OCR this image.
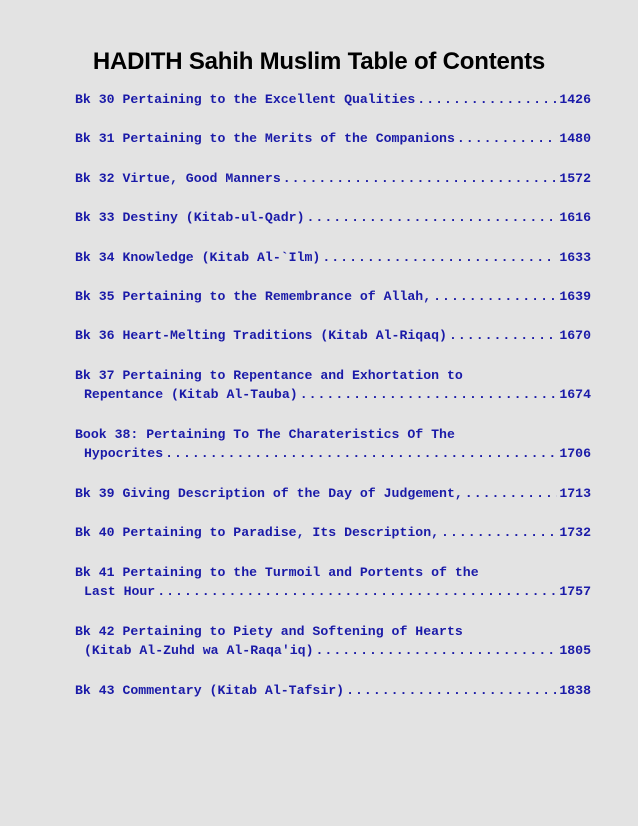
HADITH Sahih Muslim Table of Contents
Bk 30 Pertaining to the Excellent Qualities .....	1426
Bk 31 Pertaining to the Merits of the Companions .....	1480
Bk 32 Virtue, Good Manners .....	1572
Bk 33 Destiny (Kitab-ul-Qadr) .....	1616
Bk 34 Knowledge (Kitab Al-`Ilm) .....	1633
Bk 35 Pertaining to the Remembrance of Allah, .....	1639
Bk 36 Heart-Melting Traditions (Kitab Al-Riqaq) .....	1670
Bk 37 Pertaining to Repentance and Exhortation to
Repentance (Kitab Al-Tauba) .....	1674
Book 38: Pertaining To The Charateristics Of The
Hypocrites .....	1706
Bk 39 Giving Description of the Day of Judgement, .....	1713
Bk 40 Pertaining to Paradise, Its Description, .....	1732
Bk 41 Pertaining to the Turmoil and Portents of the
Last Hour .....	1757
Bk 42 Pertaining to Piety and Softening of Hearts
(Kitab Al-Zuhd wa Al-Raqa'iq) .....	1805
Bk 43 Commentary (Kitab Al-Tafsir) .....	1838
